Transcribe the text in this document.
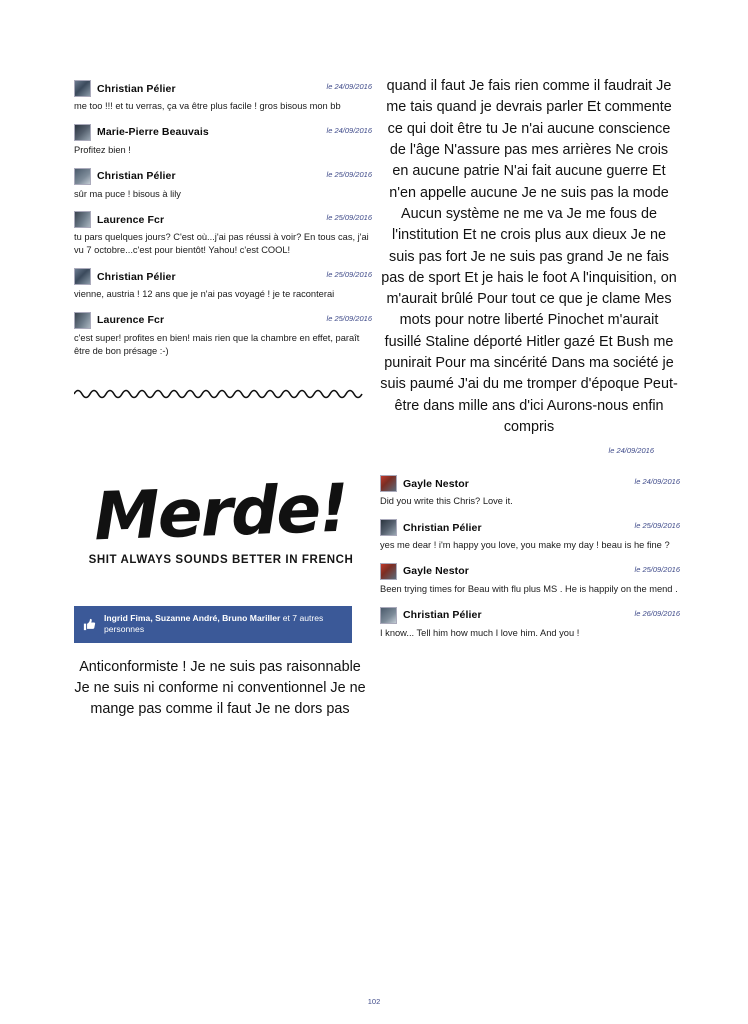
Christian Pélier	le 24/09/2016
me too !!! et tu verras, ça va être plus facile ! gros bisous mon bb
Marie-Pierre Beauvais	le 24/09/2016
Profitez bien !
Christian Pélier	le 25/09/2016
sûr ma puce ! bisous à lily
Laurence Fcr	le 25/09/2016
tu pars quelques jours? C'est où...j'ai pas réussi à voir? En tous cas, j'ai vu 7 octobre...c'est pour bientôt! Yahou! c'est COOL!
Christian Pélier	le 25/09/2016
vienne, austria ! 12 ans que je n'ai pas voyagé ! je te raconterai
Laurence Fcr	le 25/09/2016
c'est super! profites en bien! mais rien que la chambre en effet, paraît être de bon présage :-)
Merde!
SHIT ALWAYS SOUNDS BETTER IN FRENCH
Ingrid Fima, Suzanne André, Bruno Mariller et 7 autres personnes
Anticonformiste ! Je ne suis pas raisonnable Je ne suis ni conforme ni conventionnel Je ne mange pas comme il faut Je ne dors pas
quand il faut Je fais rien comme il faudrait Je me tais quand je devrais parler Et commente ce qui doit être tu Je n'ai aucune conscience de l'âge N'assure pas mes arrières Ne crois en aucune patrie N'ai fait aucune guerre Et n'en appelle aucune Je ne suis pas la mode Aucun système ne me va Je me fous de l'institution Et ne crois plus aux dieux Je ne suis pas fort Je ne suis pas grand Je ne fais pas de sport Et je hais le foot A l'inquisition, on m'aurait brûlé Pour tout ce que je clame Mes mots pour notre liberté Pinochet m'aurait fusillé Staline déporté Hitler gazé Et Bush me punirait Pour ma sincérité Dans ma société je suis paumé J'ai du me tromper d'époque Peut-être dans mille ans d'ici Aurons-nous enfin compris
le 24/09/2016
Gayle Nestor	le 24/09/2016
Did you write this Chris? Love it.
Christian Pélier	le 25/09/2016
yes me dear ! i'm happy you love, you make my day ! beau is he fine ?
Gayle Nestor	le 25/09/2016
Been trying times for Beau with flu plus MS . He is happily on the mend .
Christian Pélier	le 26/09/2016
I know... Tell him how much I love him. And you !
102
